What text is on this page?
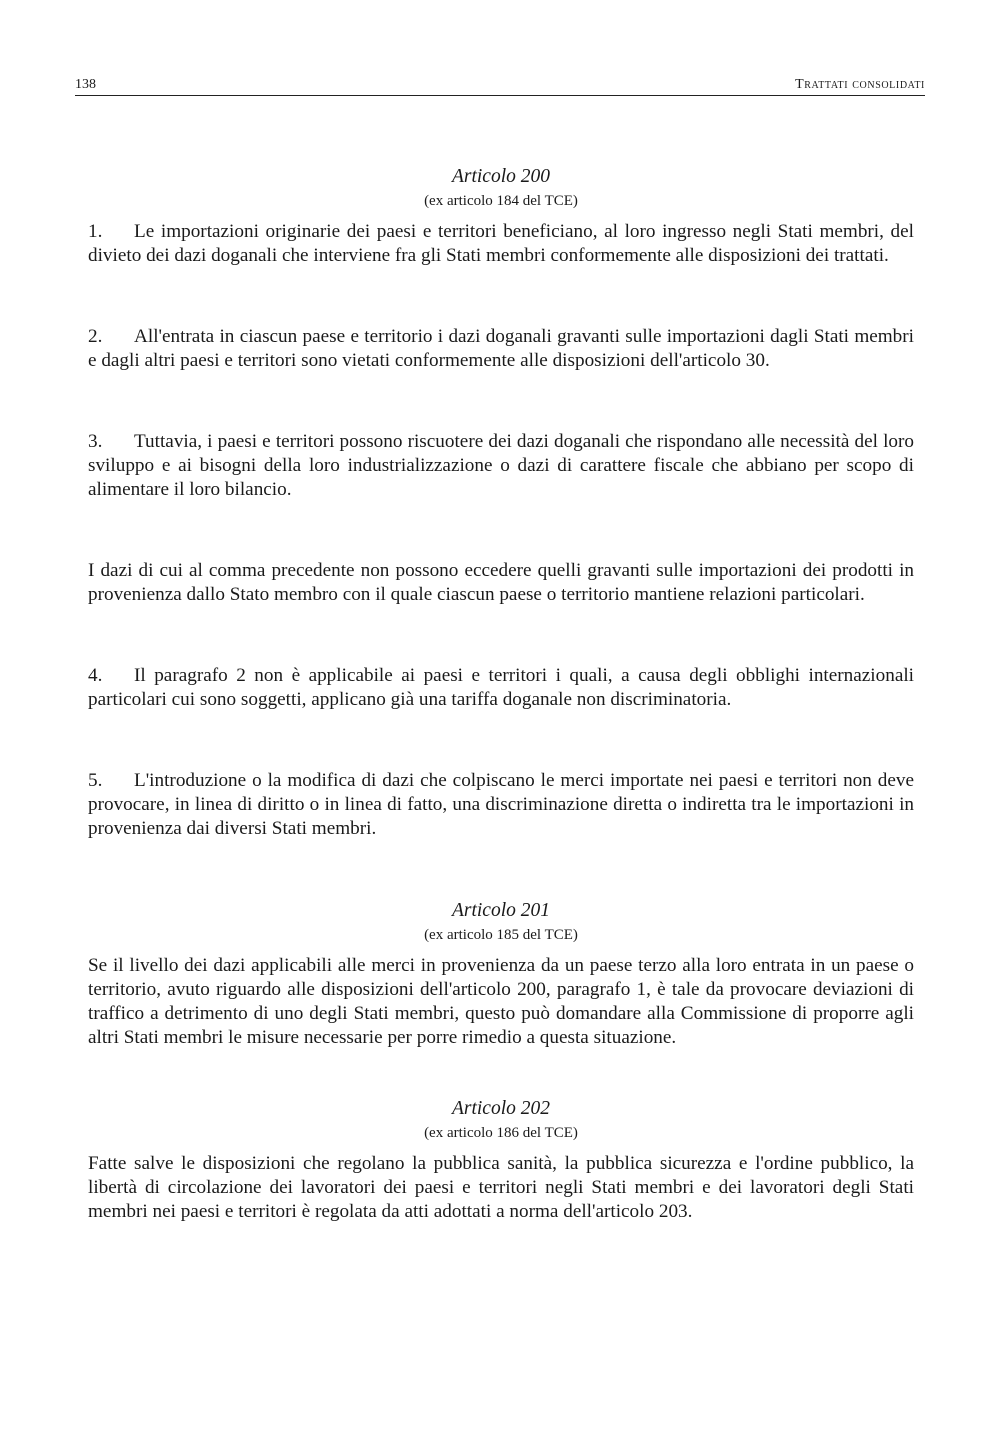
138	Trattati consolidati

Articolo 200

(ex articolo 184 del TCE)

1. Le importazioni originarie dei paesi e territori beneficiano, al loro ingresso negli Stati membri, del divieto dei dazi doganali che interviene fra gli Stati membri conformemente alle disposizioni dei trattati.

2. All'entrata in ciascun paese e territorio i dazi doganali gravanti sulle importazioni dagli Stati membri e dagli altri paesi e territori sono vietati conformemente alle disposizioni dell'articolo 30.

3. Tuttavia, i paesi e territori possono riscuotere dei dazi doganali che rispondano alle necessità del loro sviluppo e ai bisogni della loro industrializzazione o dazi di carattere fiscale che abbiano per scopo di alimentare il loro bilancio.

I dazi di cui al comma precedente non possono eccedere quelli gravanti sulle importazioni dei prodotti in provenienza dallo Stato membro con il quale ciascun paese o territorio mantiene relazioni particolari.

4. Il paragrafo 2 non è applicabile ai paesi e territori i quali, a causa degli obblighi internazionali particolari cui sono soggetti, applicano già una tariffa doganale non discriminatoria.

5. L'introduzione o la modifica di dazi che colpiscano le merci importate nei paesi e territori non deve provocare, in linea di diritto o in linea di fatto, una discriminazione diretta o indiretta tra le importazioni in provenienza dai diversi Stati membri.

Articolo 201

(ex articolo 185 del TCE)

Se il livello dei dazi applicabili alle merci in provenienza da un paese terzo alla loro entrata in un paese o territorio, avuto riguardo alle disposizioni dell'articolo 200, paragrafo 1, è tale da provocare deviazioni di traffico a detrimento di uno degli Stati membri, questo può domandare alla Commissione di proporre agli altri Stati membri le misure necessarie per porre rimedio a questa situazione.

Articolo 202

(ex articolo 186 del TCE)

Fatte salve le disposizioni che regolano la pubblica sanità, la pubblica sicurezza e l'ordine pubblico, la libertà di circolazione dei lavoratori dei paesi e territori negli Stati membri e dei lavoratori degli Stati membri nei paesi e territori è regolata da atti adottati a norma dell'articolo 203.
